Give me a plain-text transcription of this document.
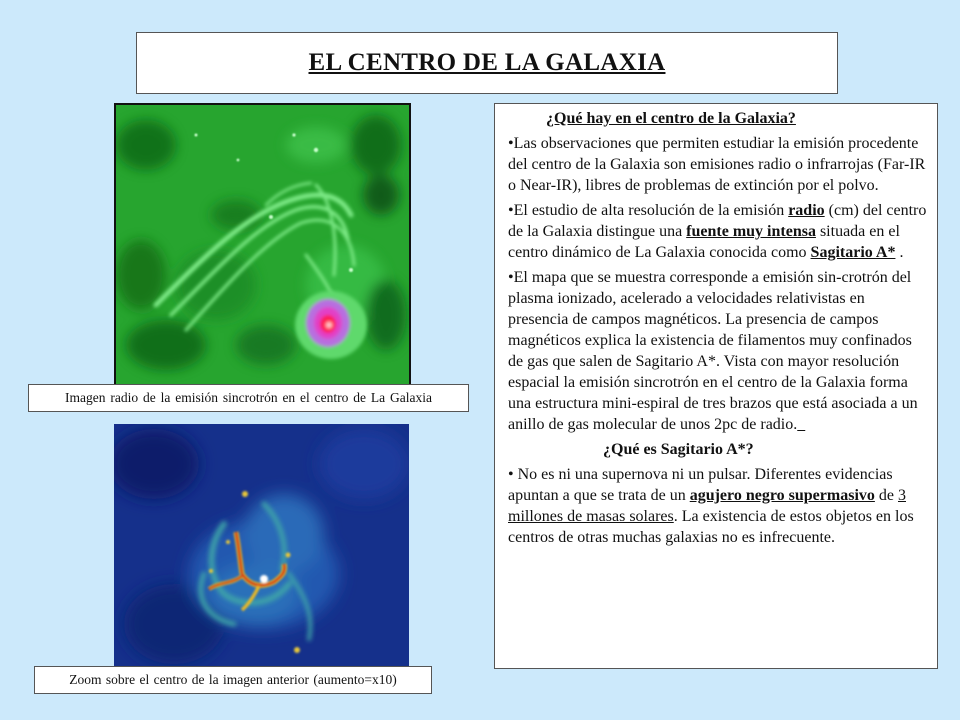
EL CENTRO DE LA GALAXIA
Imagen radio de la emisión sincrotrón en el centro de La Galaxia
Zoom sobre el centro de la imagen anterior (aumento=x10)

¿Qué hay en el centro de la Galaxia?

•Las observaciones que permiten estudiar la emisión procedente del centro de la Galaxia son emisiones radio o infrarrojas (Far-IR o Near-IR), libres de problemas de extinción por el polvo.

•El estudio de alta resolución de la emisión radio (cm) del centro de la Galaxia distingue una fuente muy intensa situada en el centro dinámico de La Galaxia conocida como Sagitario A* .

•El mapa que se muestra corresponde a emisión sin-crotrón del plasma ionizado, acelerado a velocidades relativistas en presencia de campos magnéticos. La presencia de campos magnéticos explica la existencia de filamentos muy confinados de gas que salen de Sagitario A*. Vista con mayor resolución espacial la emisión sincrotrón en el centro de la Galaxia forma una estructura mini-espiral de tres brazos que está asociada a un anillo de gas molecular de unos 2pc de radio.

¿Qué es Sagitario A*?

• No es ni una supernova ni un pulsar. Diferentes evidencias apuntan a que se trata de un agujero negro supermasivo de 3 millones de masas solares. La existencia de estos objetos en los centros de otras muchas galaxias no es infrecuente.
